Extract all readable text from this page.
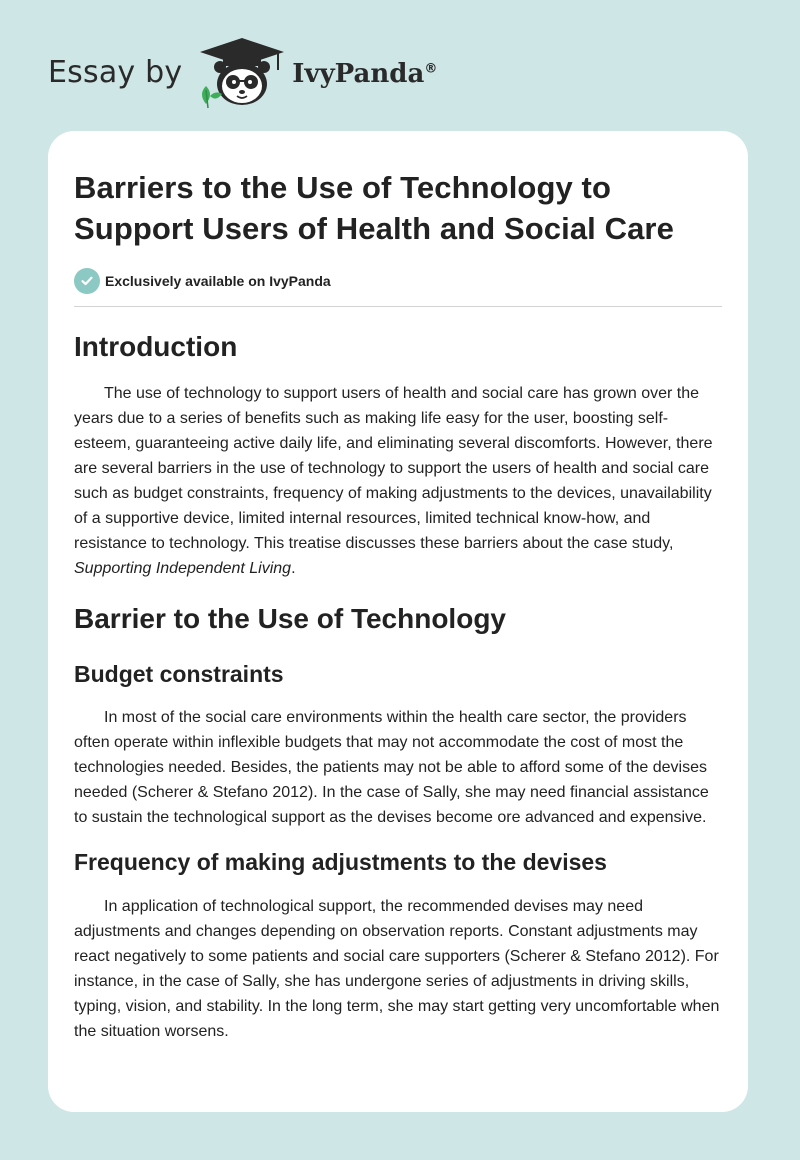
Essay by	IvyPanda®
Barriers to the Use of Technology to Support Users of Health and Social Care
Exclusively available on IvyPanda
Introduction

The use of technology to support users of health and social care has grown over the years due to a series of benefits such as making life easy for the user, boosting self-esteem, guaranteeing active daily life, and eliminating several discomforts. However, there are several barriers in the use of technology to support the users of health and social care such as budget constraints, frequency of making adjustments to the devices, unavailability of a supportive device, limited internal resources, limited technical know-how, and resistance to technology. This treatise discusses these barriers about the case study, Supporting Independent Living.

Barrier to the Use of Technology
Budget constraints

In most of the social care environments within the health care sector, the providers often operate within inflexible budgets that may not accommodate the cost of most the technologies needed. Besides, the patients may not be able to afford some of the devises needed (Scherer & Stefano 2012). In the case of Sally, she may need financial assistance to sustain the technological support as the devises become ore advanced and expensive.

Frequency of making adjustments to the devises

In application of technological support, the recommended devises may need adjustments and changes depending on observation reports. Constant adjustments may react negatively to some patients and social care supporters (Scherer & Stefano 2012). For instance, in the case of Sally, she has undergone series of adjustments in driving skills, typing, vision, and stability. In the long term, she may start getting very uncomfortable when the situation worsens.
